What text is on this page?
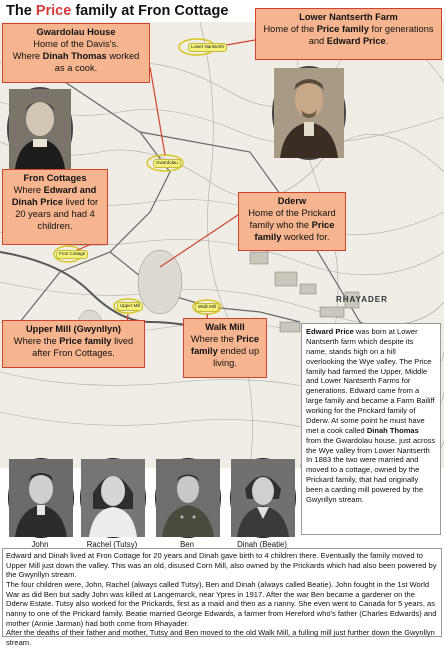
The Price family at Fron Cottage
Lower Nantserth
Gwardolau
Fron Cottage
Upper Mill	Walk Mill
RHAYADER
Gwardolau House
Home of the Davis's.
Where Dinah Thomas worked as a cook.
Lower Nantserth Farm
Home of the Price family for generations and Edward Price.
Fron Cottages
Where Edward and Dinah Price lived for 20 years and had 4 children.
Dderw
Home of the Prickard family who the Price family worked for.
Upper Mill (Gwynllyn)
Where the Price family lived after Fron Cottages.
Walk Mill
Where the Price family ended up living.

Edward Price was born at Lower Nantserth farm which despite its name, stands high on a hill overlooking the Wye valley. The Price family had farmed the Upper, Middle and Lower Nantserth Farms for generations. Edward came from a large family and became a Farm Bailiff working for the Prickard family of Dderw. At some point he must have met a cook called Dinah Thomas from the Gwardolau house, just across the Wye valley from Lower Nantserth

In 1883 the two were married and moved to a cottage, owned by the Prickard family, that had originally been a carding mill powered by the Gwynllyn stream.

John	Rachel (Tutsy)	Ben	Dinah (Beatie)

Edward and Dinah lived at Fron Cottage for 20 years and Dinah gave birth to 4 children there. Eventually the family moved to Upper Mill just down the valley. This was an old, disused Corn Mill, also owned by the Prickards which had also been powered by the Gwynllyn stream.

The four children were, John, Rachel (always called Tutsy), Ben and Dinah (always called Beatie). John fought in the 1st World War as did Ben but sadly John was killed at Langemarck, near Ypres in 1917. After the war Ben became a gardener on the Dderw Estate. Tutsy also worked for the Prickards, first as a maid and then as a nanny. She even went to Canada for 5 years, as nanny to one of the Prickard family. Beatie married George Edwards, a farmer from Hereford who's father (Charles Edwards) and mother (Annie Jarman) had both come from Rhayader.

After the deaths of their father and mother, Tutsy and Ben moved to the old Walk Mill, a fulling mill just further down the Gwynllyn stream.
